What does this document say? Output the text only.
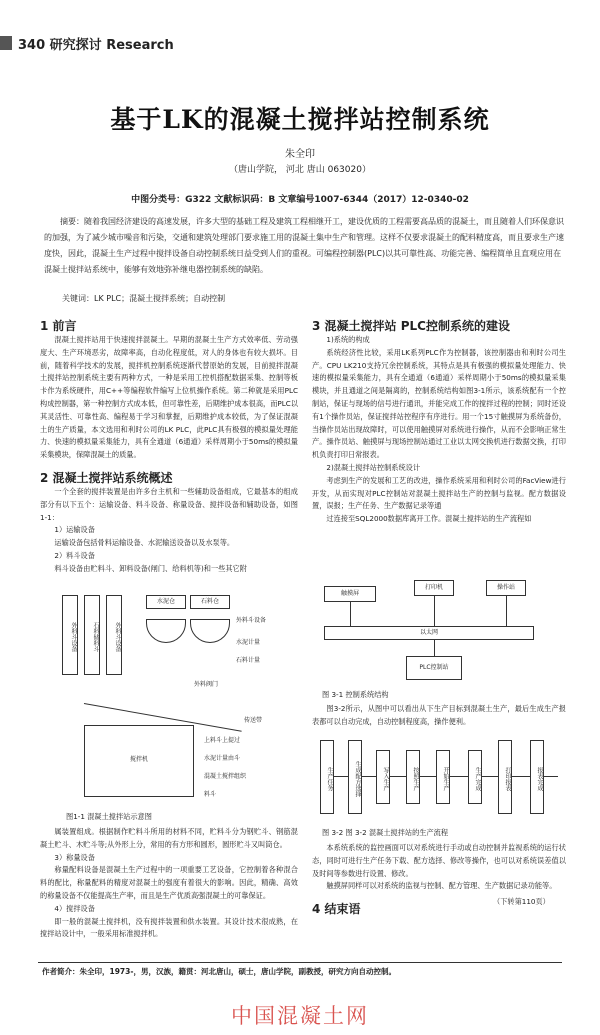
340 研究探讨 Research
基于LK的混凝土搅拌站控制系统
朱全印
（唐山学院， 河北 唐山 063020）
中图分类号：G322 文献标识码：B 文章编号1007-6344（2017）12-0340-02
摘要：随着我国经济建设的高速发展，许多大型的基础工程及建筑工程相继开工，建设优质的工程需要高品质的混凝土，而且随着人们环保意识的加强，为了减少城市噪音和污染，交通和建筑处理部门要求施工用的混凝土集中生产和管理。这样不仅要求混凝土的配料精度高，而且要求生产速度快，因此，混凝土生产过程中搅拌设备自动控制系统日益受到人们的重视。可编程控制器(PLC)以其可靠性高、功能完善、编程简单且直观应用在混凝土搅拌站系统中，能够有效地弥补继电器控制系统的缺陷。
关键词：LK PLC；混凝土搅拌系统；自动控制
1 前言

混凝土搅拌站用于快速搅拌混凝土。早期的混凝土生产方式效率低、劳动强度大、生产环境恶劣，故障率高，自动化程度低，对人的身体也有较大损坏。目前，随着科学技术的发展，搅拌机控制系统逐渐代替原始的发展，目前搅拌混凝土搅拌站控制系统主要有两种方式，一种是采用工控机搭配数据采集、控制等板卡作为系统硬件，用C++等编程软件编写上位机操作系统。第二种就是采用PLC构成控制器，第一种控制方式成本低，但可靠性差，后期维护成本很高，而PLC以其灵活性、可靠性高、编程易于学习和掌握，后期维护成本较低，为了保证混凝土的生产质量，本文选用和利时公司的LK PLC，此PLC具有极强的模拟量处理能力、快速的模拟量采集能力，具有全通道（6通道）采样周期小于50ms的模拟量采集模块，保障混凝土的质量。

2 混凝土搅拌站系统概述

一个全套的搅拌装置是由许多台主机和一些辅助设备组成，它最基本的组成部分有以下五个：运输设备、料斗设备、称量设备、搅拌设备和辅助设备，如图1-1：

1）运输设备

运输设备包括骨料运输设备、水泥输送设备以及水泵等。

2）料斗设备

料斗设备由贮料斗、卸料设备(闸门、给料机等)和一些其它附

外料斗设备	石料储料斗	外料斗设备
水泥仓	石料仓
外料斗设备
水泥计量
石料计量
外料阀门
传送带
搅拌机
上料斗上提过
水泥计量由斗
混凝土搅拌组织
料斗
图1-1 混凝土搅拌站示意图

属装置组成。根据制作贮料斗所用的材料不同，贮料斗分为钢贮斗、钢筋混凝土贮斗、木贮斗等;从外形上分，常用的有方形和圆形，圆形贮斗又叫筒仓。

3）称量设备

称量配料设备是混凝土生产过程中的一项重要工艺设备，它控制着各种混合料的配比，称量配料的精度对混凝土的强度有着很大的影响。因此，精确、高效的称量设备不仅能提高生产率，而且是生产优质高强混凝土的可靠保证。

4）搅拌设备

即一般的混凝土搅拌机，没有搅拌装置和供水装置。其设计技术很成熟，在搅拌站设计中，一般采用标准搅拌机。

3 混凝土搅拌站 PLC控制系统的建设

1)系统的构成

系统经济性比较，采用LK系列PLC作为控制器，该控制器由和利时公司生产。CPU LK210支持冗余控制系统，其特点是具有极强的模拟量处理能力、快速的模拟量采集能力，具有全通道（6通道）采样周期小于50ms的模拟量采集模块，并且通道之间是隔离的，控制系统结构如图3-1所示，该系统配有一个控制站，保证与现场的信号进行通讯，并能完成工作的搅拌过程的控制；同时还设有1个操作员站，保证搅拌站控程序有序进行。用一个15寸触摸屏为系统备份，当操作员站出现故障时，可以使用触摸屏对系统进行操作，从而不会影响正常生产。操作员站、触摸屏与现场控制站通过工业以太网交换机进行数据交换，打印机负责打印日常报表。

2)混凝土搅拌站控制系统设计

考虑到生产的发展和工艺的改进，操作系统采用和利时公司的FacView进行开发，从而实现对PLC控制站对混凝土搅拌站生产的控制与监视。配方数据设置，误报；生产任务、生产数据记录等通

过连接至SQL2000数据库离开工作。混凝土搅拌站的生产流程如

触摸屏
打印机	操作站
以太网
PLC控制站
图 3-1 控制系统结构

图3-2所示，从图中可以看出从下生产目标到混凝土生产，最后生成生产报表都可以自动完成，自动控制程度高，操作便利。

生产任务	生成配方选择	写入生产	按照生产	开始生产	生产完成	打印报表	报表完成
图 3-2 图 3-2 混凝土搅拌站的生产流程

本系统系统的监控画面可以对系统进行手动或自动控制并监视系统的运行状态，同时可进行生产任务下载、配方选择、修改等操作，也可以对系统误差值以及时间等参数进行设置、修改。

触摸屏同样可以对系统的监视与控制、配方管理、生产数据记录功能等。

4 结束语
（下转第110页）
作者简介：朱全印，1973-，男，汉族，籍贯：河北唐山，硕士，唐山学院，副教授，研究方向自动控制。
中国混凝土网
